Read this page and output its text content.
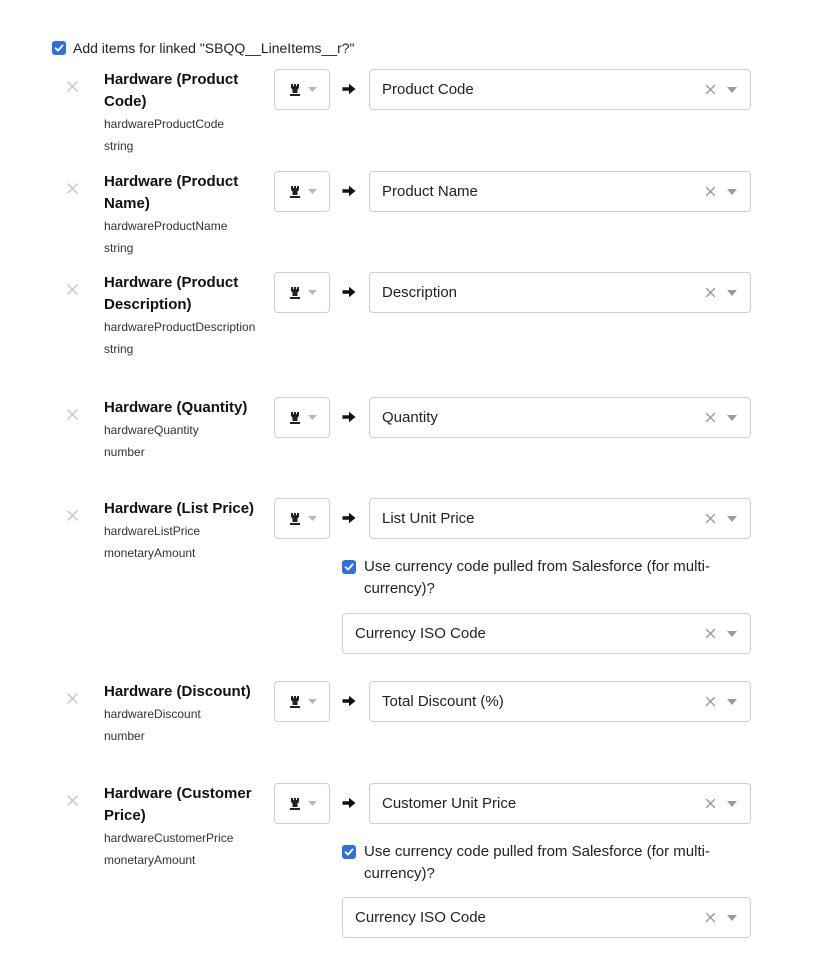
Add items for linked "SBQQ__LineItems__r?"
Hardware (Product Code)
hardwareProductCode
string
Product Code
Hardware (Product Name)
hardwareProductName
string
Product Name
Hardware (Product Description)
hardwareProductDescription
string
Description
Hardware (Quantity)
hardwareQuantity
number
Quantity
Hardware (List Price)
hardwareListPrice
monetaryAmount
List Unit Price
Use currency code pulled from Salesforce (for multi-currency)?
Currency ISO Code
Hardware (Discount)
hardwareDiscount
number
Total Discount (%)
Hardware (Customer Price)
hardwareCustomerPrice
monetaryAmount
Customer Unit Price
Use currency code pulled from Salesforce (for multi-currency)?
Currency ISO Code
